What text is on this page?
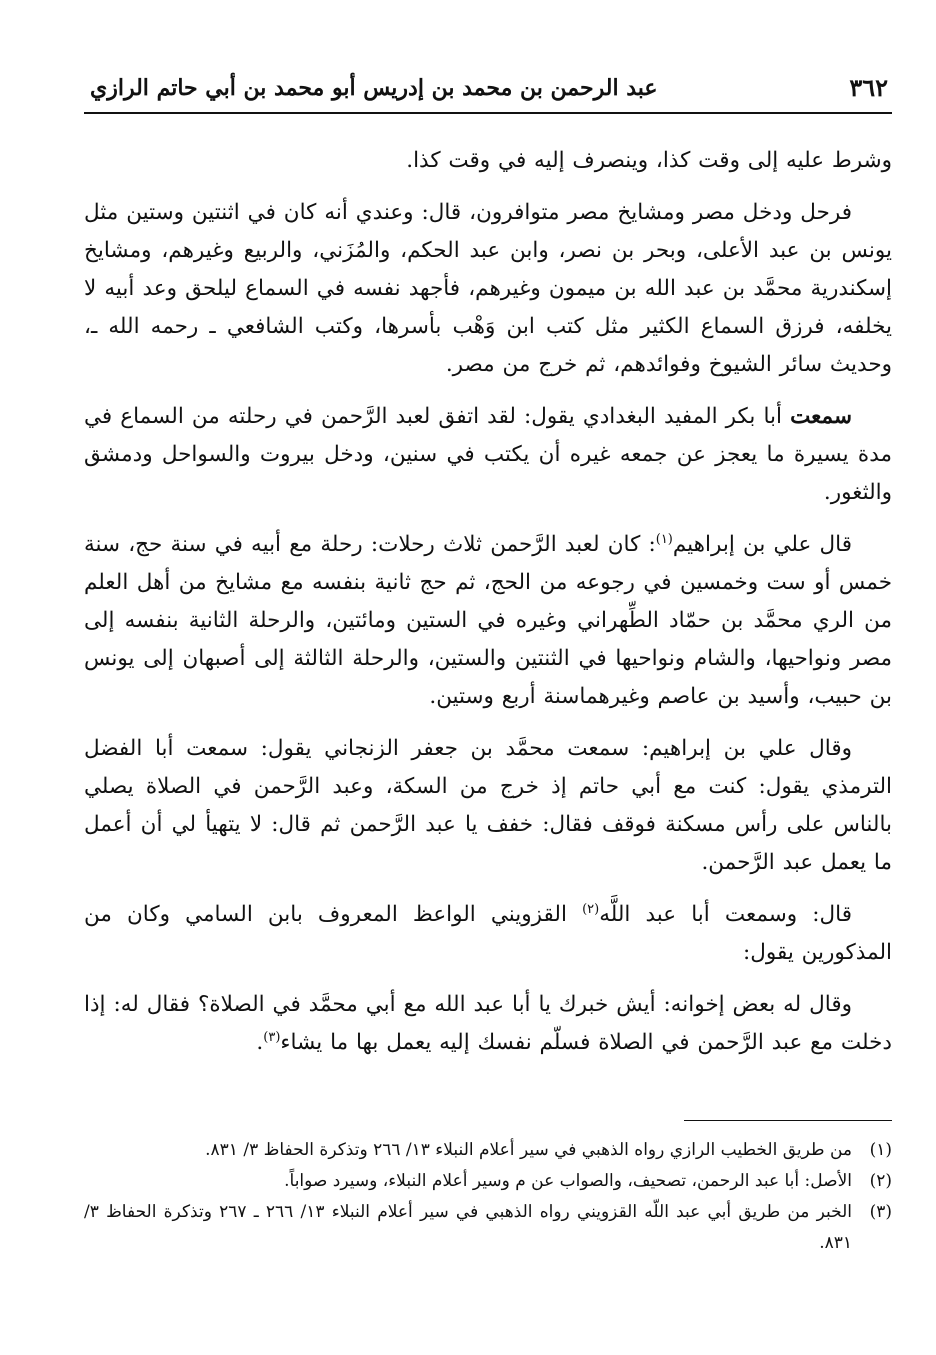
٣٦٢
عبد الرحمن بن محمد بن إدريس أبو محمد بن أبي حاتم الرازي

وشرط عليه إلى وقت كذا، وينصرف إليه في وقت كذا.

فرحل ودخل مصر ومشايخ مصر متوافرون، قال: وعندي أنه كان في اثنتين وستين مثل يونس بن عبد الأعلى، وبحر بن نصر، وابن عبد الحكم، والمُزَني، والربيع وغيرهم، ومشايخ إسكندرية محمَّد بن عبد الله بن ميمون وغيرهم، فأجهد نفسه في السماع ليلحق وعد أبيه لا يخلفه، فرزق السماع الكثير مثل كتب ابن وَهْب بأسرها، وكتب الشافعي ـ رحمه الله ـ، وحديث سائر الشيوخ وفوائدهم، ثم خرج من مصر.

سمعت أبا بكر المفيد البغدادي يقول: لقد اتفق لعبد الرَّحمن في رحلته من السماع في مدة يسيرة ما يعجز عن جمعه غيره أن يكتب في سنين، ودخل بيروت والسواحل ودمشق والثغور.

قال علي بن إبراهيم$^{(١)}$: كان لعبد الرَّحمن ثلاث رحلات: رحلة مع أبيه في سنة حج، سنة خمس أو ست وخمسين في رجوعه من الحج، ثم حج ثانية بنفسه مع مشايخ من أهل العلم من الري محمَّد بن حمّاد الطِّهراني وغيره في الستين ومائتين، والرحلة الثانية بنفسه إلى مصر ونواحيها، والشام ونواحيها في الثنتين والستين، والرحلة الثالثة إلى أصبهان إلى يونس بن حبيب، وأسيد بن عاصم وغيرهماسنة أربع وستين.

وقال علي بن إبراهيم: سمعت محمَّد بن جعفر الزنجاني يقول: سمعت أبا الفضل الترمذي يقول: كنت مع أبي حاتم إذ خرج من السكة، وعبد الرَّحمن في الصلاة يصلي بالناس على رأس مسكنة فوقف فقال: خفف يا عبد الرَّحمن ثم قال: لا يتهيأ لي أن أعمل ما يعمل عبد الرَّحمن.

قال: وسمعت أبا عبد اللَّه$^{(٢)}$ القزويني الواعظ المعروف بابن السامي وكان من المذكورين يقول:

وقال له بعض إخوانه: أيش خبرك يا أبا عبد الله مع أبي محمَّد في الصلاة؟ فقال له: إذا دخلت مع عبد الرَّحمن في الصلاة فسلّم نفسك إليه يعمل بها ما يشاء$^{(٣)}$.

(١)
من طريق الخطيب الرازي رواه الذهبي في سير أعلام النبلاء ١٣/ ٢٦٦ وتذكرة الحفاظ ٣/ ٨٣١.
(٢)
الأصل: أبا عبد الرحمن، تصحيف، والصواب عن م وسير أعلام النبلاء، وسيرد صواباً.
(٣)
الخبر من طريق أبي عبد اللّه القزويني رواه الذهبي في سير أعلام النبلاء ١٣/ ٢٦٦ ـ ٢٦٧ وتذكرة الحفاظ ٣/ ٨٣١.
